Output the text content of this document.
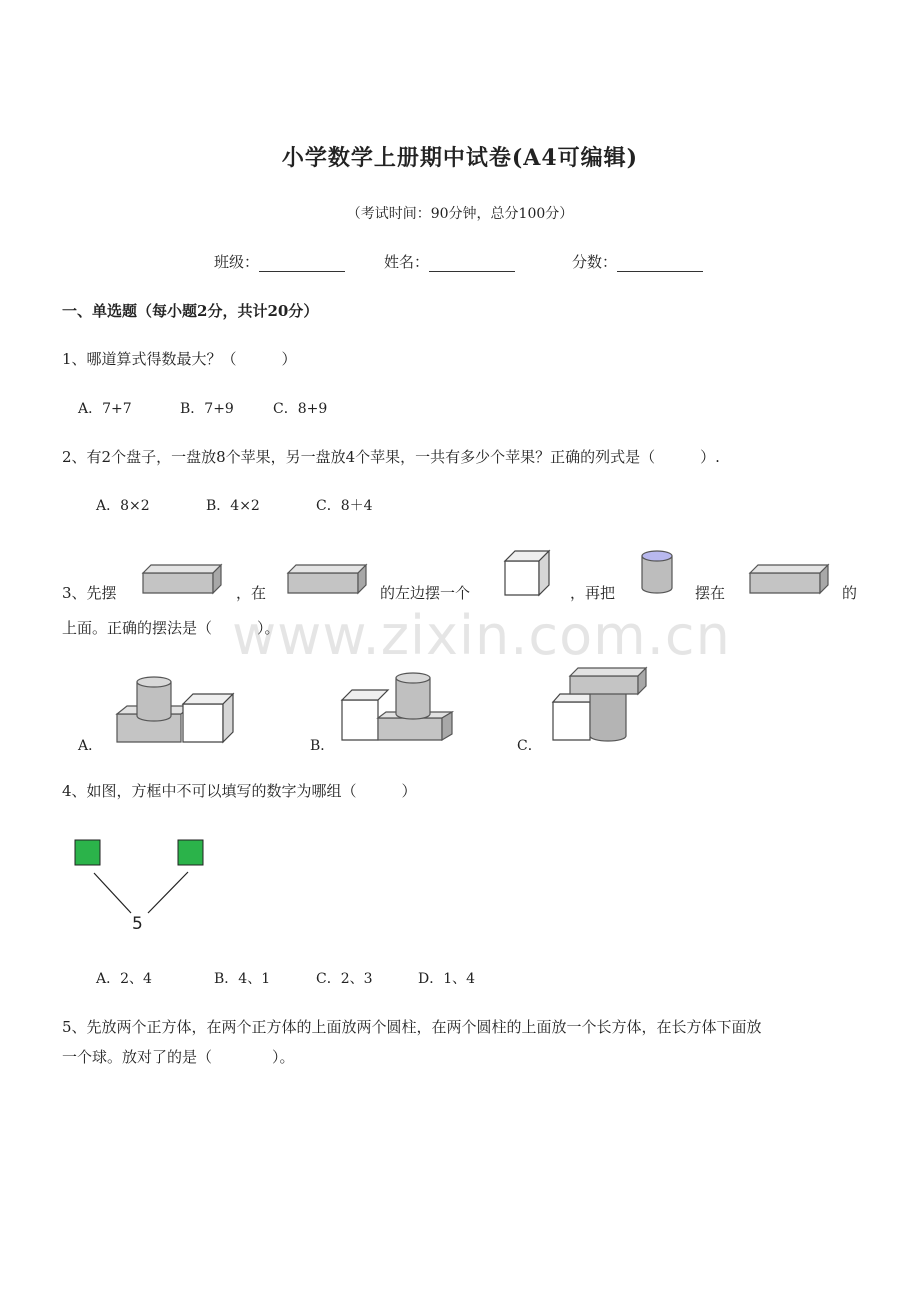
小学数学上册期中试卷(A4可编辑)
（考试时间：90分钟，总分100分）
班级：	姓名：	分数：
一、单选题（每小题2分，共计20分）
1、哪道算式得数最大？（　　　）
A．7+7	B．7+9	C．8+9
2、有2个盘子，一盘放8个苹果，另一盘放4个苹果，一共有多少个苹果？正确的列式是（　　　）.
A．8×2	B．4×2	C．8＋4
3、先摆	，在	的左边摆一个	，再把	摆在	的
上面。正确的摆法是（　　　）。
www.zixin.com.cn
A．	B．	C．
4、如图，方框中不可以填写的数字为哪组（　　　）
5
A．2、4	B．4、1	C．2、3	D．1、4
5、先放两个正方体，在两个正方体的上面放两个圆柱，在两个圆柱的上面放一个长方体，在长方体下面放
一个球。放对了的是（　　　　）。
